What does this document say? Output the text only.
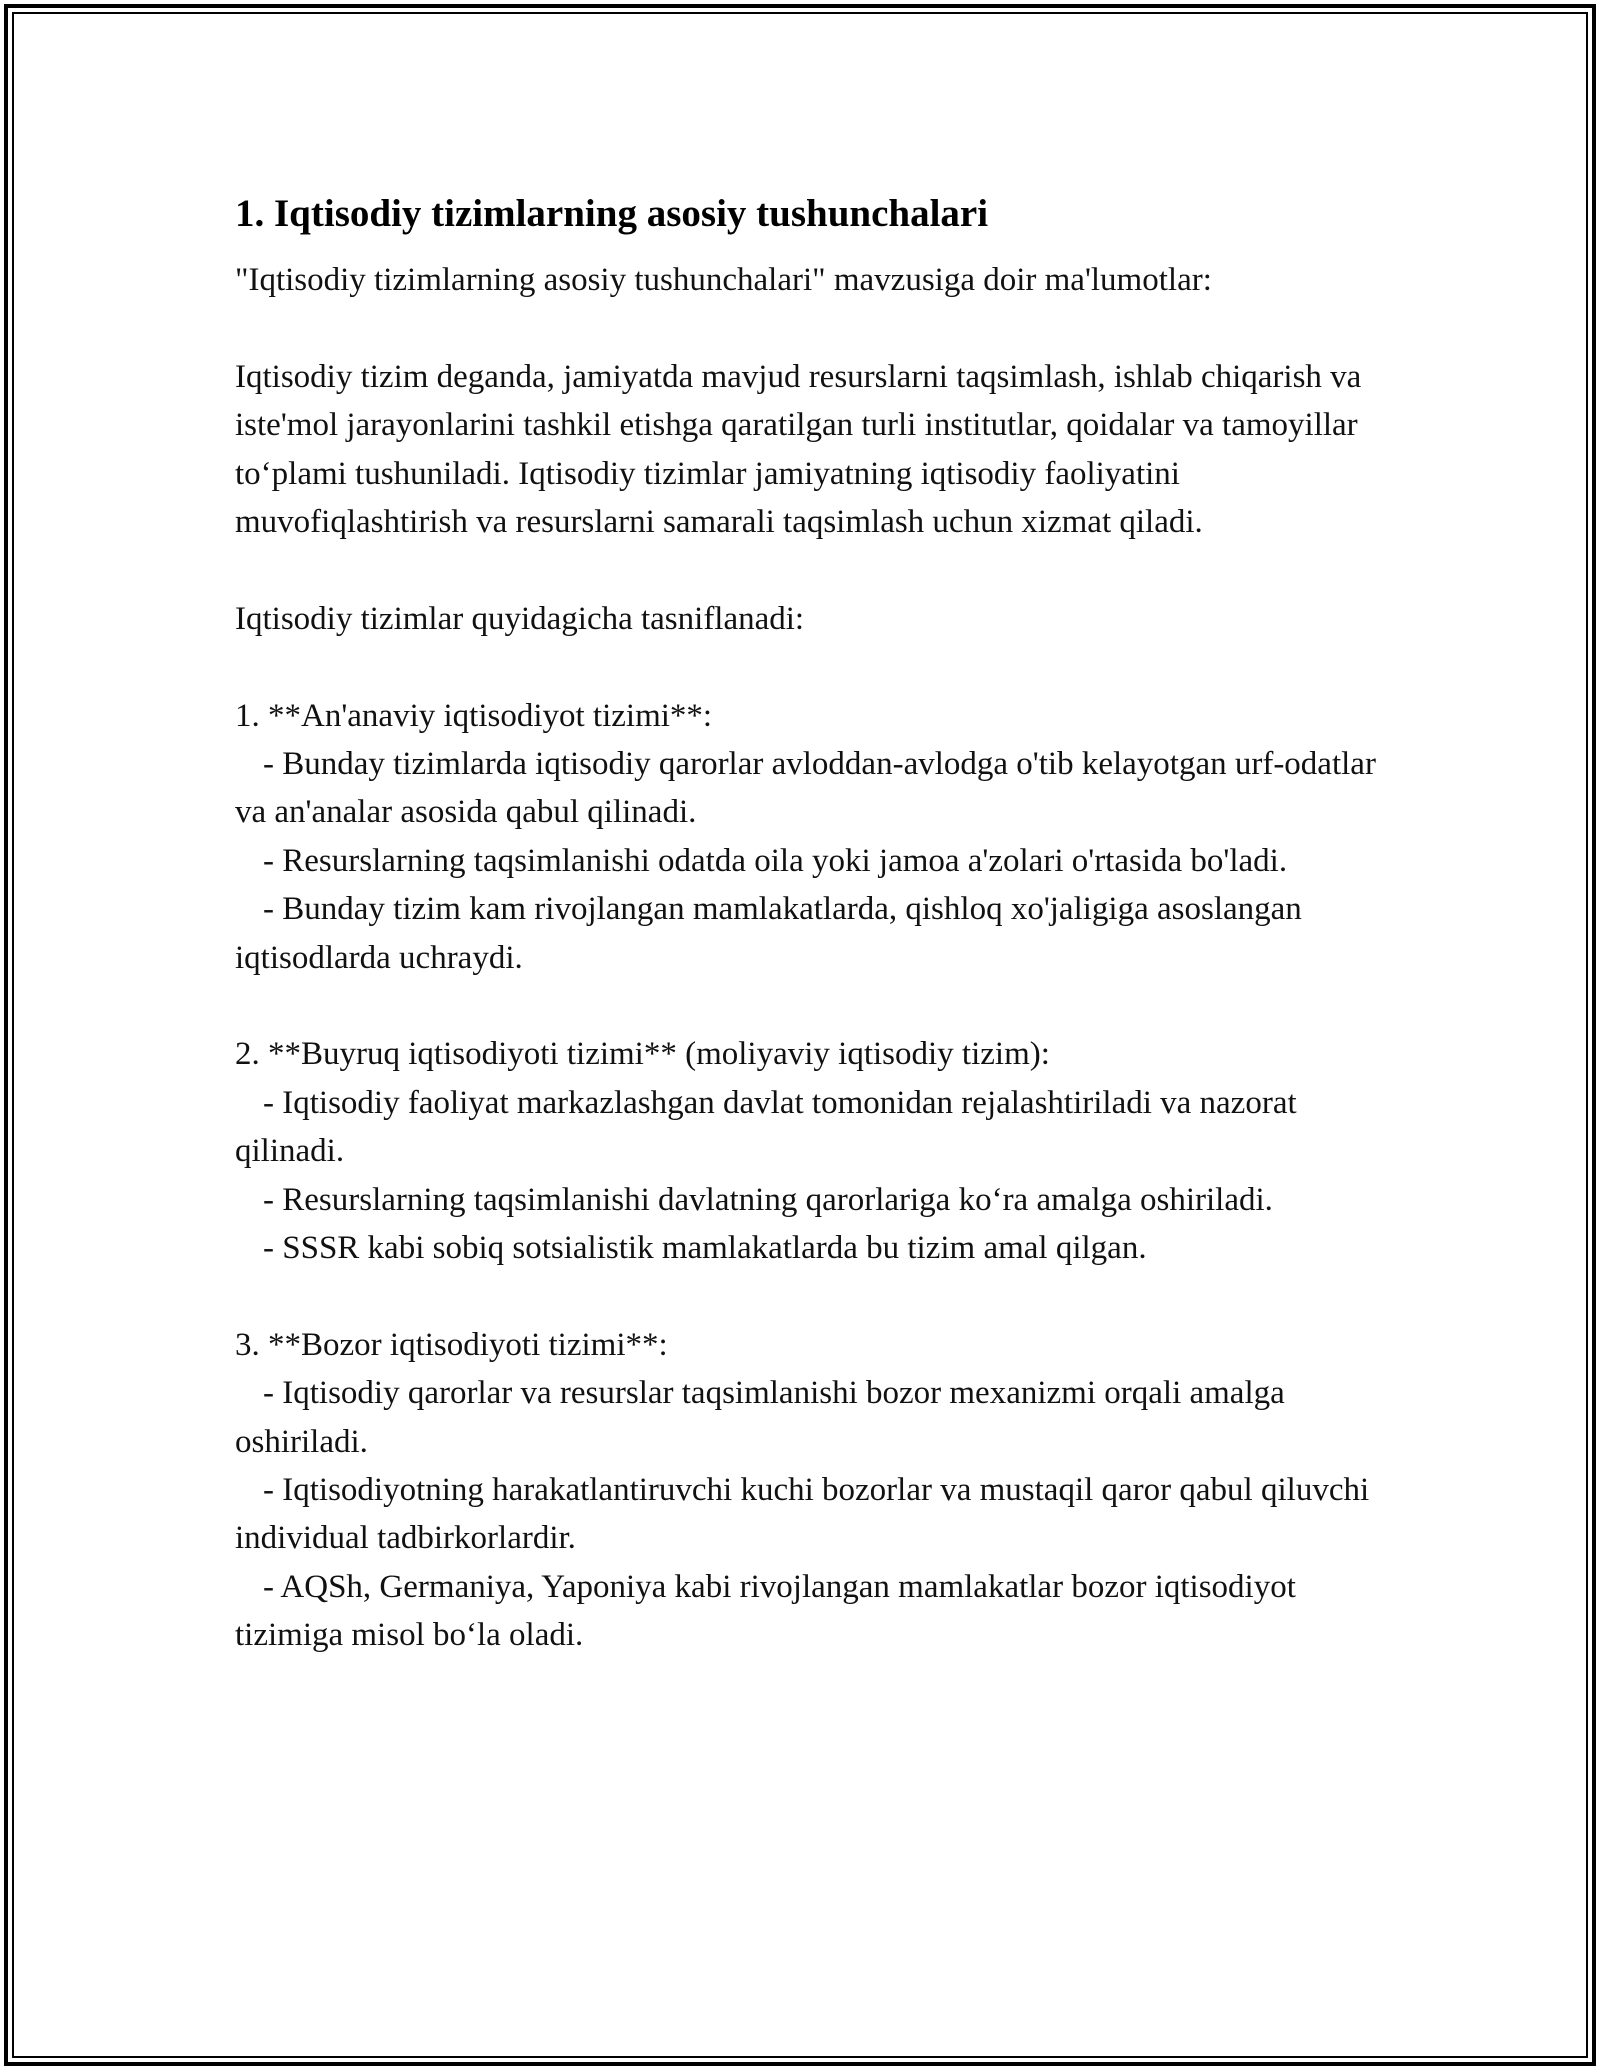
1. Iqtisodiy tizimlarning asosiy tushunchalari

"Iqtisodiy tizimlarning asosiy tushunchalari" mavzusiga doir ma'lumotlar:

Iqtisodiy tizim deganda, jamiyatda mavjud resurslarni taqsimlash, ishlab chiqarish va iste'mol jarayonlarini tashkil etishga qaratilgan turli institutlar, qoidalar va tamoyillar to‘plami tushuniladi. Iqtisodiy tizimlar jamiyatning iqtisodiy faoliyatini muvofiqlashtirish va resurslarni samarali taqsimlash uchun xizmat qiladi.

Iqtisodiy tizimlar quyidagicha tasniflanadi:

1. **An'anaviy iqtisodiyot tizimi**:

- Bunday tizimlarda iqtisodiy qarorlar avloddan-avlodga o'tib kelayotgan urf-odatlar va an'analar asosida qabul qilinadi.

- Resurslarning taqsimlanishi odatda oila yoki jamoa a'zolari o'rtasida bo'ladi.

- Bunday tizim kam rivojlangan mamlakatlarda, qishloq xo'jaligiga asoslangan iqtisodlarda uchraydi.

2. **Buyruq iqtisodiyoti tizimi** (moliyaviy iqtisodiy tizim):

- Iqtisodiy faoliyat markazlashgan davlat tomonidan rejalashtiriladi va nazorat qilinadi.

- Resurslarning taqsimlanishi davlatning qarorlariga ko‘ra amalga oshiriladi.

- SSSR kabi sobiq sotsialistik mamlakatlarda bu tizim amal qilgan.

3. **Bozor iqtisodiyoti tizimi**:

- Iqtisodiy qarorlar va resurslar taqsimlanishi bozor mexanizmi orqali amalga oshiriladi.

- Iqtisodiyotning harakatlantiruvchi kuchi bozorlar va mustaqil qaror qabul qiluvchi individual tadbirkorlardir.

- AQSh, Germaniya, Yaponiya kabi rivojlangan mamlakatlar bozor iqtisodiyot tizimiga misol bo‘la oladi.
